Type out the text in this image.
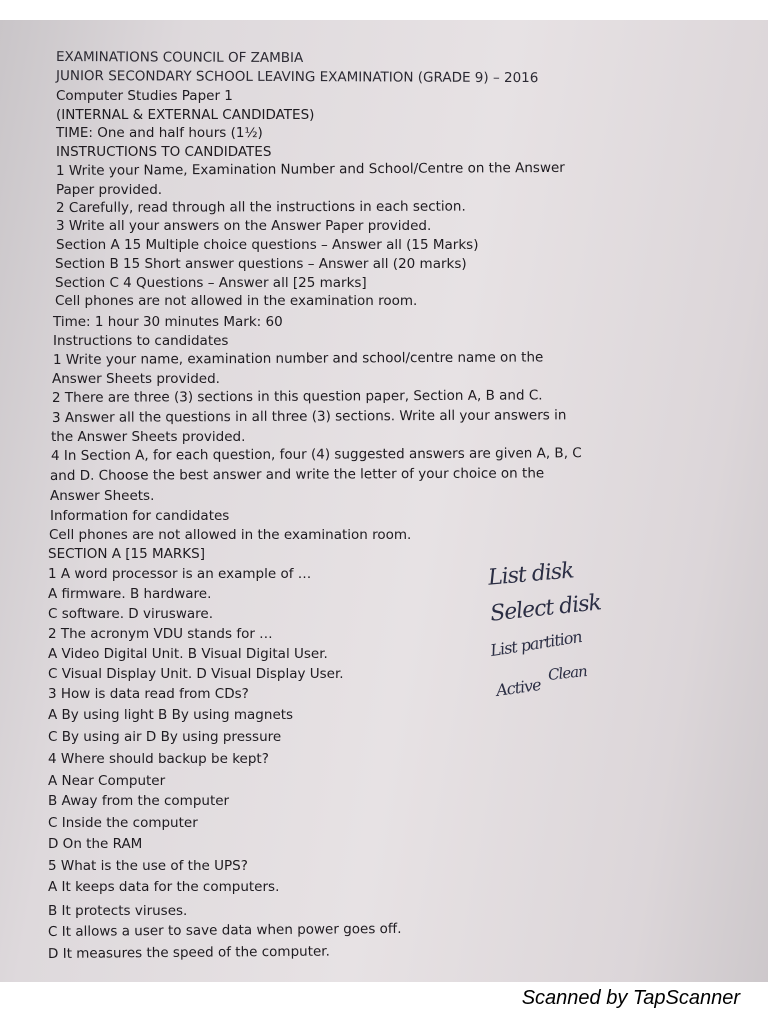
EXAMINATIONS COUNCIL OF ZAMBIA
JUNIOR SECONDARY SCHOOL LEAVING EXAMINATION (GRADE 9) – 2016
Computer Studies Paper 1
(INTERNAL & EXTERNAL CANDIDATES)
TIME: One and half hours (1½)
INSTRUCTIONS TO CANDIDATES
1 Write your Name, Examination Number and School/Centre on the Answer
Paper provided.
2 Carefully, read through all the instructions in each section.
3 Write all your answers on the Answer Paper provided.
Section A 15 Multiple choice questions – Answer all (15 Marks)
Section B 15 Short answer questions – Answer all (20 marks)
Section C 4 Questions – Answer all [25 marks]
Cell phones are not allowed in the examination room.
Time: 1 hour 30 minutes Mark: 60
Instructions to candidates
1 Write your name, examination number and school/centre name on the
Answer Sheets provided.
2 There are three (3) sections in this question paper, Section A, B and C.
3 Answer all the questions in all three (3) sections. Write all your answers in
the Answer Sheets provided.
4 In Section A, for each question, four (4) suggested answers are given A, B, C
and D. Choose the best answer and write the letter of your choice on the
Answer Sheets.
Information for candidates
Cell phones are not allowed in the examination room.
SECTION A [15 MARKS]
1 A word processor is an example of …
A firmware. B hardware.
C software. D virusware.
2 The acronym VDU stands for …
A Video Digital Unit. B Visual Digital User.
C Visual Display Unit. D Visual Display User.
3 How is data read from CDs?
A By using light B By using magnets
C By using air D By using pressure
4 Where should backup be kept?
A Near Computer
B Away from the computer
C Inside the computer
D On the RAM
5 What is the use of the UPS?
A It keeps data for the computers.
B It protects viruses.
C It allows a user to save data when power goes off.
D It measures the speed of the computer.
List disk
Select disk
List partition
Clean
Active
Scanned by TapScanner
